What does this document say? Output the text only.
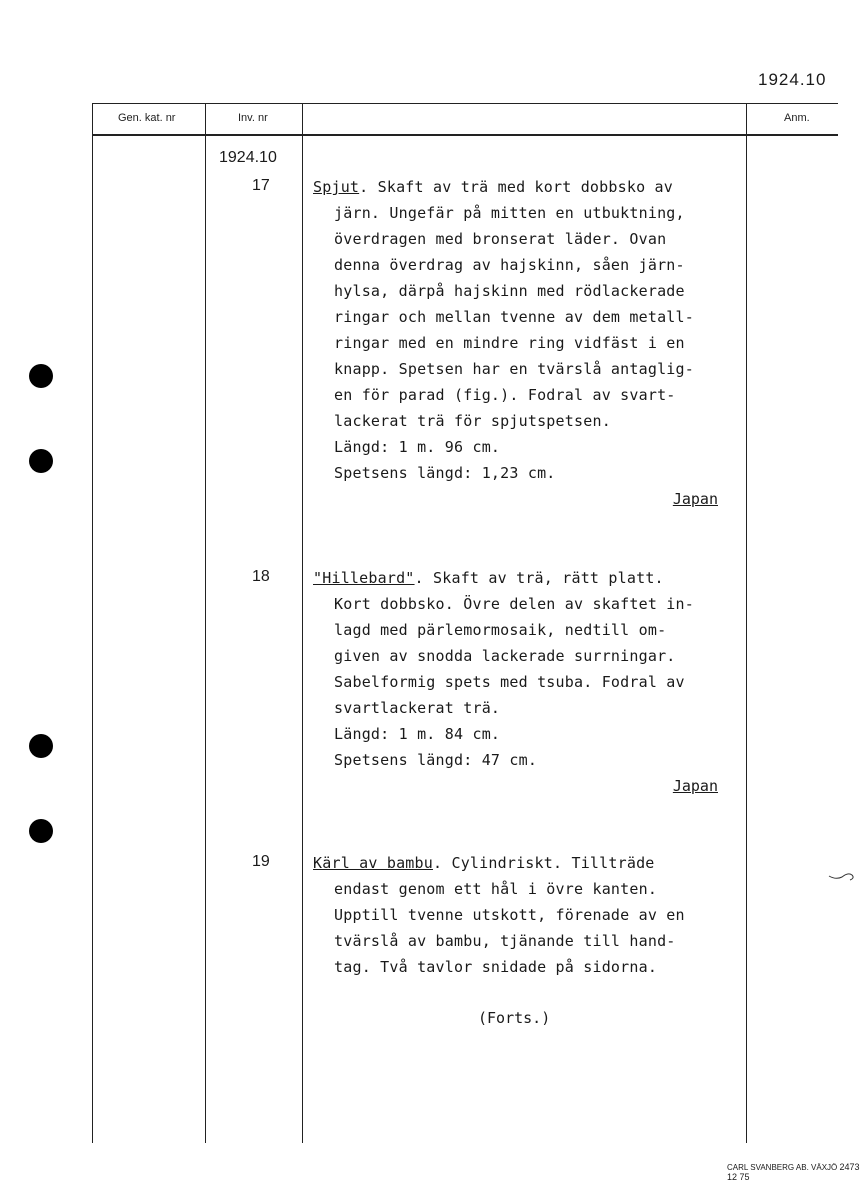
1924.10
Gen. kat. nr	Inv. nr	Anm.
1924.10
17	Spjut. Skaft av trä med kort dobbsko av
järn. Ungefär på mitten en utbuktning,
överdragen med bronserat läder. Ovan
denna överdrag av hajskinn, såen järn-
hylsa, därpå hajskinn med rödlackerade
ringar och mellan tvenne av dem metall-
ringar med en mindre ring vidfäst i en
knapp. Spetsen har en tvärslå antaglig-
en för parad (fig.). Fodral av svart-
lackerat trä för spjutspetsen.
Längd: 1 m. 96 cm.
Spetsens längd: 1,23 cm.
Japan
18	"Hillebard". Skaft av trä, rätt platt.
Kort dobbsko. Övre delen av skaftet in-
lagd med pärlemormosaik, nedtill om-
given av snodda lackerade surrningar.
Sabelformig spets med tsuba. Fodral av
svartlackerat trä.
Längd: 1 m. 84 cm.
Spetsens längd: 47 cm.
Japan
19	Kärl av bambu. Cylindriskt. Tillträde
endast genom ett hål i övre kanten.
Upptill tvenne utskott, förenade av en
tvärslå av bambu, tjänande till hand-
tag. Två tavlor snidade på sidorna.
(Forts.)
CARL SVANBERG AB. VÄXJÖ 2473 12 75
